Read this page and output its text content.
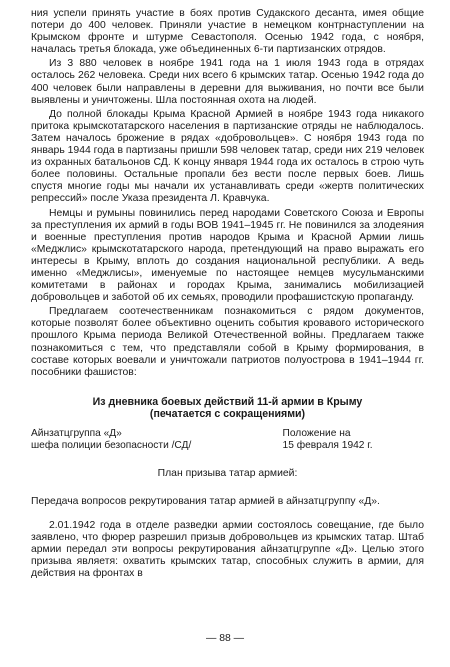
ния успели принять участие в боях против Судакского десанта, имея общие потери до 400 человек. Приняли участие в немецком контрнаступлении на Крымском фронте и штурме Севастополя. Осенью 1942 года, с ноября, началась третья блокада, уже объединенных 6-ти партизанских отрядов.

Из 3 880 человек в ноябре 1941 года на 1 июля 1943 года в отрядах осталось 262 человека. Среди них всего 6 крымских татар. Осенью 1942 года до 400 человек были направлены в деревни для выживания, но почти все были выявлены и уничтожены. Шла постоянная охота на людей.

До полной блокады Крыма Красной Армией в ноябре 1943 года никакого притока крымскотатарского населения в партизанские отряды не наблюдалось. Затем началось брожение в рядах «добровольцев». С ноября 1943 года по январь 1944 года в партизаны пришли 598 человек татар, среди них 219 человек из охранных батальонов СД. К концу января 1944 года их осталось в строю чуть более половины. Остальные пропали без вести после первых боев. Лишь спустя многие годы мы начали их устанавливать среди «жертв политических репрессий» после Указа президента Л. Кравчука.

Немцы и румыны повинились перед народами Советского Союза и Европы за преступления их армий в годы ВОВ 1941–1945 гг. Не повинился за злодеяния и военные преступления против народов Крыма и Красной Армии лишь «Меджлис» крымскотатарского народа, претендующий на право выражать его интересы в Крыму, вплоть до создания национальной республики. А ведь именно «Меджлисы», именуемые по настоящее немцев мусульманскими комитетами в районах и городах Крыма, занимались мобилизацией добровольцев и заботой об их семьях, проводили профашистскую пропаганду.

Предлагаем соотечественникам познакомиться с рядом документов, которые позволят более объективно оценить события кровавого исторического прошлого Крыма периода Великой Отечественной войны. Предлагаем также познакомиться с тем, что представляли собой в Крыму формирования, в составе которых воевали и уничтожали патриотов полуострова в 1941–1944 гг. пособники фашистов:

Из дневника боевых действий 11-й армии в Крыму
(печатается с сокращениями)
Айнзатцгруппа «Д»
шефа полиции безопасности /СД/
Положение на
15 февраля 1942 г.
План призыва татар армией:
Передача вопросов рекрутирования татар армией в айнзатцгруппу «Д».

2.01.1942 года в отделе разведки армии состоялось совещание, где было заявлено, что фюрер разрешил призыв добровольцев из крымских татар. Штаб армии передал эти вопросы рекрутирования айнзатцгруппе «Д». Целью этого призыва являетя: охватить крымских татар, способных служить в армии, для действия на фронтах в

— 88 —
